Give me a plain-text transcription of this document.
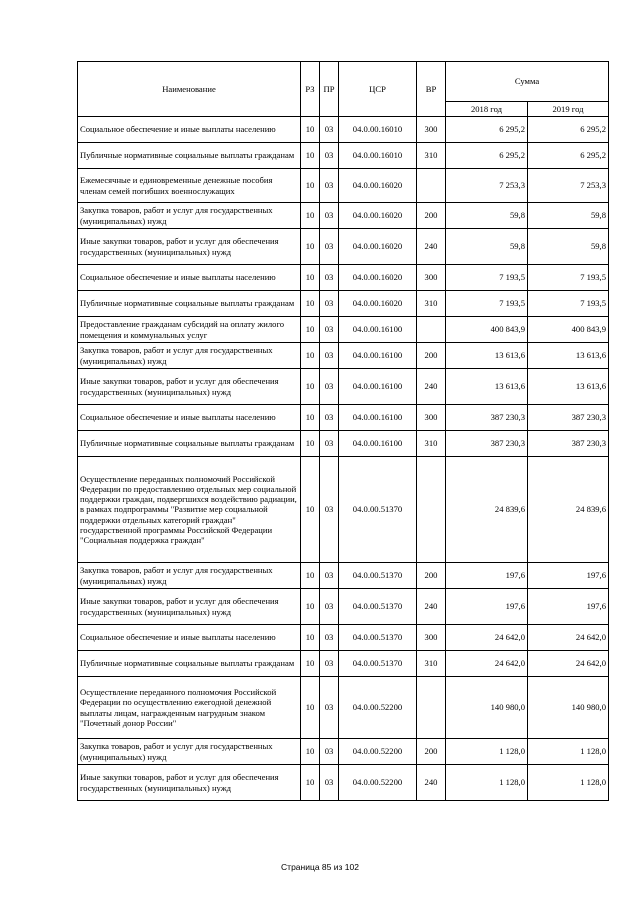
Наименование	РЗ	ПР	ЦСР	ВР	Сумма	
					2018 год	2019 год
Социальное обеспечение и иные выплаты населению	10	03	04.0.00.16010	300	6 295,2	6 295,2
Публичные нормативные социальные выплаты гражданам	10	03	04.0.00.16010	310	6 295,2	6 295,2
Ежемесячные и единовременные денежные пособия членам семей погибших военнослужащих	10	03	04.0.00.16020		7 253,3	7 253,3
Закупка товаров, работ и услуг для государственных (муниципальных) нужд	10	03	04.0.00.16020	200	59,8	59,8
Иные закупки товаров, работ и услуг для обеспечения государственных (муниципальных) нужд	10	03	04.0.00.16020	240	59,8	59,8
Социальное обеспечение и иные выплаты населению	10	03	04.0.00.16020	300	7 193,5	7 193,5
Публичные нормативные социальные выплаты гражданам	10	03	04.0.00.16020	310	7 193,5	7 193,5
Предоставление гражданам субсидий на оплату жилого помещения и коммунальных услуг	10	03	04.0.00.16100		400 843,9	400 843,9
Закупка товаров, работ и услуг для государственных (муниципальных) нужд	10	03	04.0.00.16100	200	13 613,6	13 613,6
Иные закупки товаров, работ и услуг для обеспечения государственных (муниципальных) нужд	10	03	04.0.00.16100	240	13 613,6	13 613,6
Социальное обеспечение и иные выплаты населению	10	03	04.0.00.16100	300	387 230,3	387 230,3
Публичные нормативные социальные выплаты гражданам	10	03	04.0.00.16100	310	387 230,3	387 230,3
Осуществление переданных полномочий Российской Федерации по предоставлению отдельных мер социальной поддержки граждан, подвергшихся воздействию радиации, в рамках подпрограммы "Развитие мер социальной поддержки отдельных категорий граждан" государственной программы Российской Федерации "Социальная поддержка граждан"	10	03	04.0.00.51370		24 839,6	24 839,6
Закупка товаров, работ и услуг для государственных (муниципальных) нужд	10	03	04.0.00.51370	200	197,6	197,6
Иные закупки товаров, работ и услуг для обеспечения государственных (муниципальных) нужд	10	03	04.0.00.51370	240	197,6	197,6
Социальное обеспечение и иные выплаты населению	10	03	04.0.00.51370	300	24 642,0	24 642,0
Публичные нормативные социальные выплаты гражданам	10	03	04.0.00.51370	310	24 642,0	24 642,0
Осуществление переданного полномочия Российской Федерации по осуществлению ежегодной денежной выплаты лицам, награжденным нагрудным знаком "Почетный донор России"	10	03	04.0.00.52200		140 980,0	140 980,0
Закупка товаров, работ и услуг для государственных (муниципальных) нужд	10	03	04.0.00.52200	200	1 128,0	1 128,0
Иные закупки товаров, работ и услуг для обеспечения государственных (муниципальных) нужд	10	03	04.0.00.52200	240	1 128,0	1 128,0
Страница 85 из 102
